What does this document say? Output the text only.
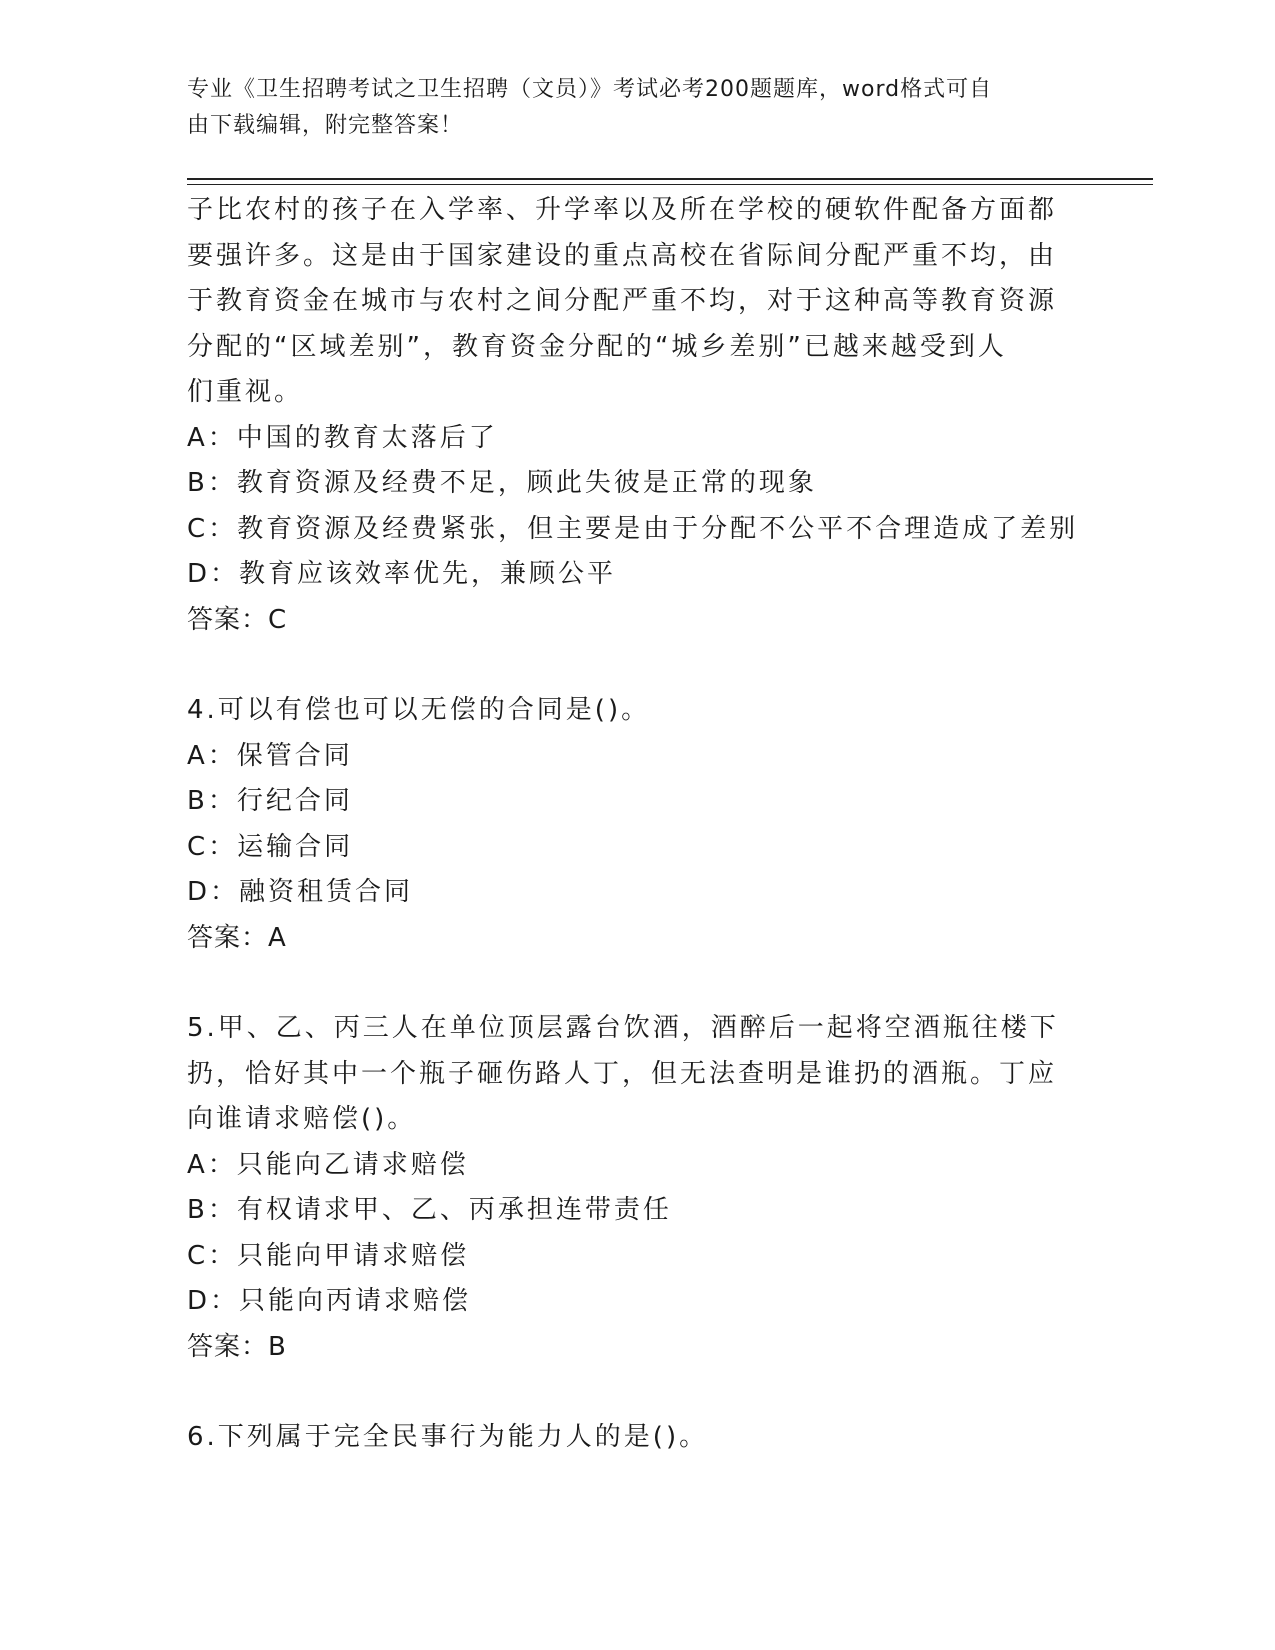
专业《卫生招聘考试之卫生招聘（文员）》考试必考200题题库，word格式可自
由下载编辑，附完整答案！
子比农村的孩子在入学率、升学率以及所在学校的硬软件配备方面都
要强许多。这是由于国家建设的重点高校在省际间分配严重不均，由
于教育资金在城市与农村之间分配严重不均，对于这种高等教育资源
分配的“区域差别”，教育资金分配的“城乡差别”已越来越受到人
们重视。
A：中国的教育太落后了
B：教育资源及经费不足，顾此失彼是正常的现象
C：教育资源及经费紧张，但主要是由于分配不公平不合理造成了差别
D：教育应该效率优先，兼顾公平
答案：C
4.可以有偿也可以无偿的合同是()。
A：保管合同
B：行纪合同
C：运输合同
D：融资租赁合同
答案：A
5.甲、乙、丙三人在单位顶层露台饮酒，酒醉后一起将空酒瓶往楼下
扔，恰好其中一个瓶子砸伤路人丁，但无法查明是谁扔的酒瓶。丁应
向谁请求赔偿()。
A：只能向乙请求赔偿
B：有权请求甲、乙、丙承担连带责任
C：只能向甲请求赔偿
D：只能向丙请求赔偿
答案：B
6.下列属于完全民事行为能力人的是()。
